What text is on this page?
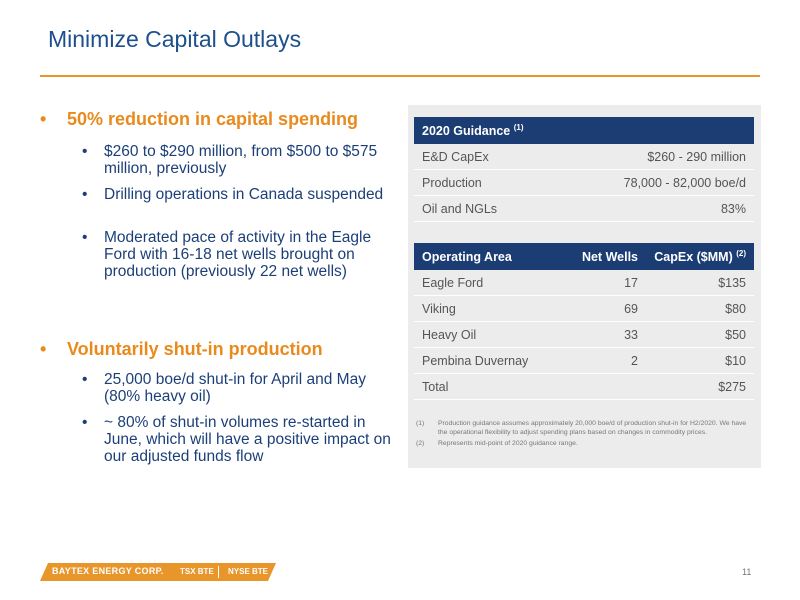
Minimize Capital Outlays
• 50% reduction in capital spending
• $260 to $290 million, from $500 to $575 million, previously
• Drilling operations in Canada suspended
• Moderated pace of activity in the Eagle Ford with 16-18 net wells brought on production (previously 22 net wells)
• Voluntarily shut-in production
• 25,000 boe/d shut-in for April and May (80% heavy oil)
• ~ 80% of shut-in volumes re-started in June, which will have a positive impact on our adjusted funds flow
2020 Guidance $^{(1)}$
E&D CapEx	$260 - 290 million
Production	78,000 - 82,000 boe/d
Oil and NGLs	83%
Operating Area	Net Wells	CapEx ($MM) $^{(2)}$
Eagle Ford	17	$135
Viking	69	$80
Heavy Oil	33	$50
Pembina Duvernay	2	$10
Total		$275
(1) Production guidance assumes approximately 20,000 boe/d of production shut-in for H2/2020. We have the operational flexibility to adjust spending plans based on changes in commodity prices.
(2) Represents mid-point of 2020 guidance range.
BAYTEX ENERGY CORP. TSX BTE NYSE BTE	11
